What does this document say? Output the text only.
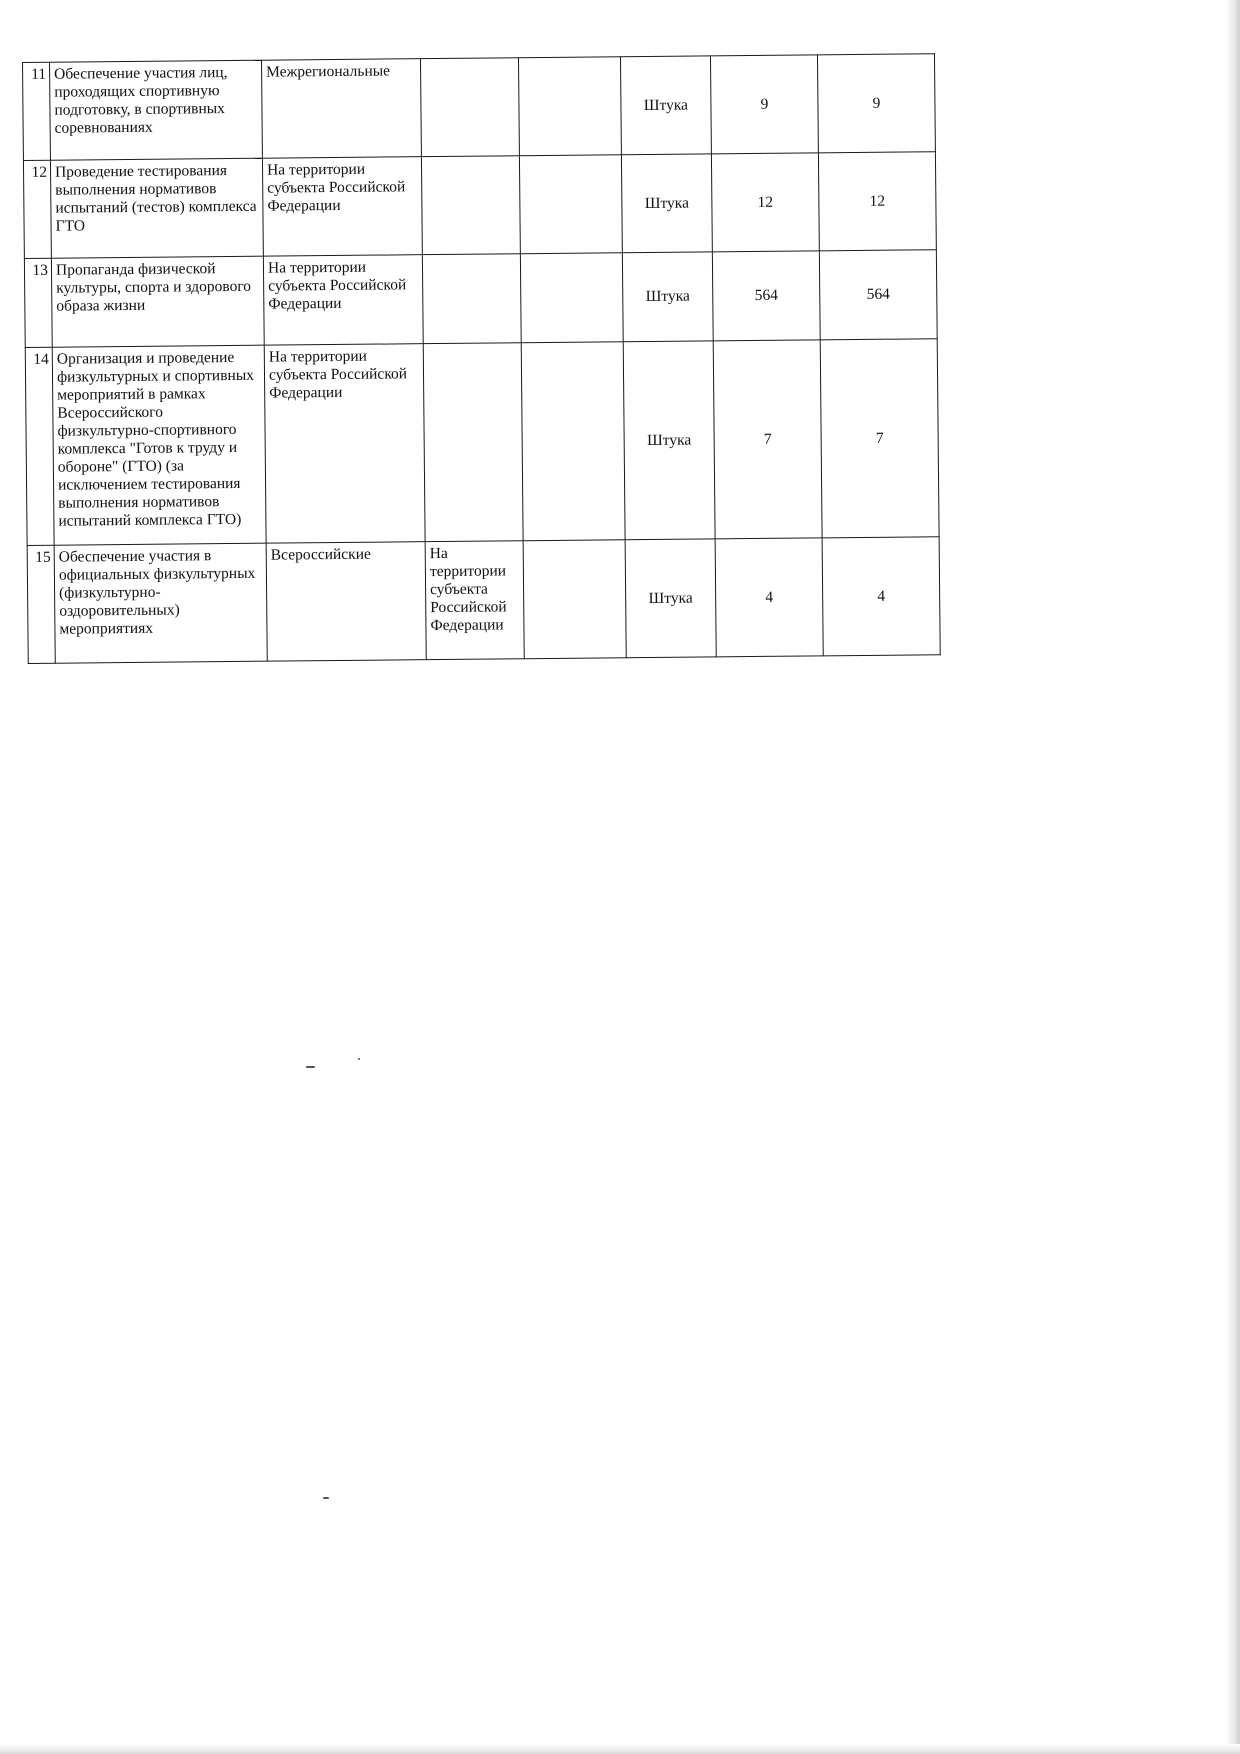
11	Обеспечение участия лиц, проходящих спортивную подготовку, в спортивных соревнованиях	Межрегиональные			Штука	9	9
12	Проведение тестирования выполнения нормативов испытаний (тестов) комплекса ГТО	На территории субъекта Российской Федерации			Штука	12	12
13	Пропаганда физической культуры, спорта и здорового образа жизни	На территории субъекта Российской Федерации			Штука	564	564
14	Организация и проведение физкультурных и спортивных мероприятий в рамках Всероссийского физкультурно-спортивного комплекса "Готов к труду и обороне" (ГТО) (за исключением тестирования выполнения нормативов испытаний комплекса ГТО)	На территории субъекта Российской Федерации			Штука	7	7
15	Обеспечение участия в официальных физкультурных (физкультурно-оздоровительных) мероприятиях	Всероссийские	На территории субъекта Российской Федерации		Штука	4	4
